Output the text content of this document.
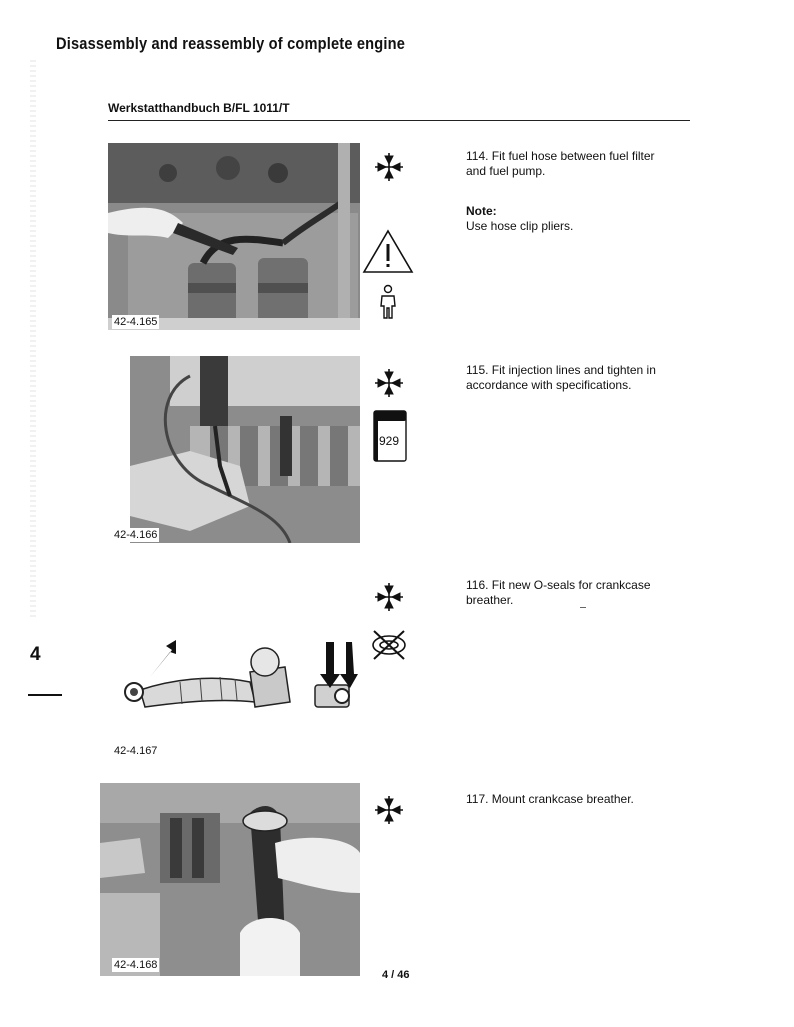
Disassembly and reassembly of complete engine
Werkstatthandbuch B/FL 1011/T
4
42-4.165
42-4.166
42-4.167
42-4.168
929
114. Fit fuel hose between fuel filter and fuel pump.
Note:
Use hose clip pliers.
115. Fit injection lines and tighten in accordance with specifications.
116. Fit new O-seals for crankcase breather.
117. Mount crankcase breather.
4 / 46
